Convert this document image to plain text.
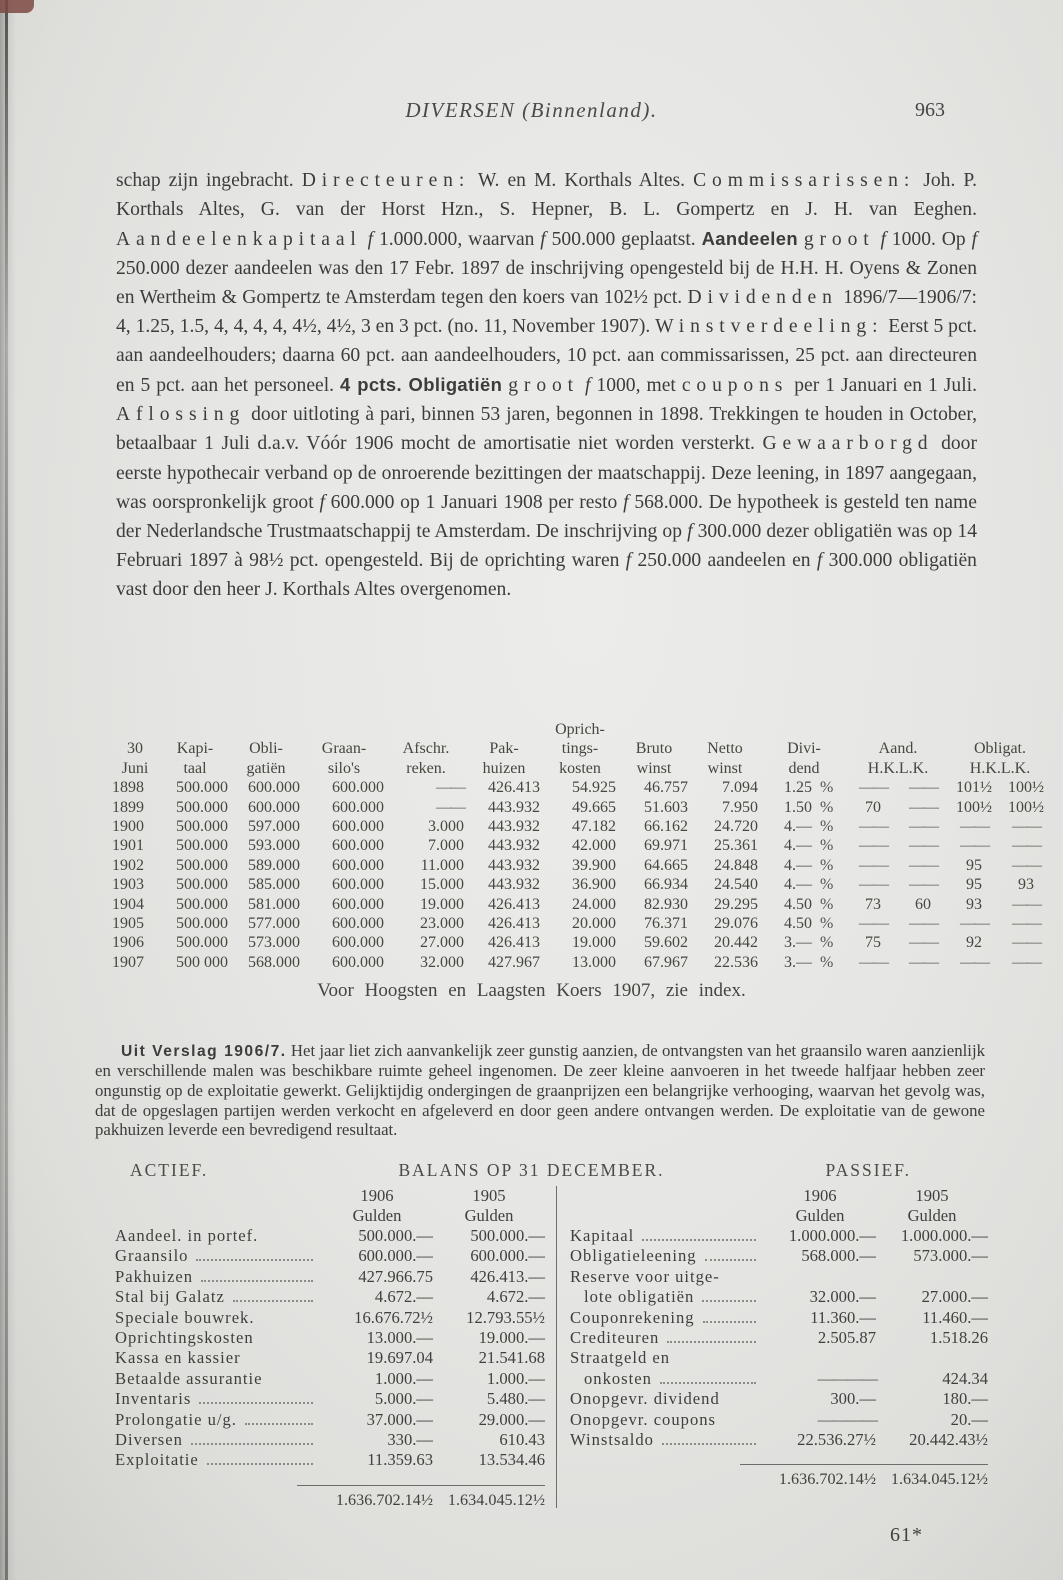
DIVERSEN (Binnenland).	963

schap zijn ingebracht. Directeuren: W. en M. Korthals Altes. Commissarissen: Joh. P. Korthals Altes, G. van der Horst Hzn., S. Hepner, B. L. Gompertz en J. H. van Eeghen. Aandeelenkapitaal f 1.000.000, waarvan f 500.000 geplaatst. Aandeelen groot f 1000. Op f 250.000 dezer aandeelen was den 17 Febr. 1897 de inschrijving opengesteld bij de H.H. H. Oyens & Zonen en Wertheim & Gompertz te Amsterdam tegen den koers van 102½ pct. Dividenden 1896/7—1906/7: 4, 1.25, 1.5, 4, 4, 4, 4, 4½, 4½, 3 en 3 pct. (no. 11, November 1907). Winstverdeeling: Eerst 5 pct. aan aandeelhouders; daarna 60 pct. aan aandeelhouders, 10 pct. aan commissarissen, 25 pct. aan directeuren en 5 pct. aan het personeel. 4 pcts. Obligatiën groot f 1000, met coupons per 1 Januari en 1 Juli. Aflossing door uitloting à pari, binnen 53 jaren, begonnen in 1898. Trekkingen te houden in October, betaalbaar 1 Juli d.a.v. Vóór 1906 mocht de amortisatie niet worden versterkt. Gewaarborgd door eerste hypothecair verband op de onroerende bezittingen der maatschappij. Deze leening, in 1897 aangegaan, was oorspronkelijk groot f 600.000 op 1 Januari 1908 per resto f 568.000. De hypotheek is gesteld ten name der Nederlandsche Trustmaatschappij te Amsterdam. De inschrijving op f 300.000 dezer obligatiën was op 14 Februari 1897 à 98½ pct. opengesteld. Bij de oprichting waren f 250.000 aandeelen en f 300.000 obligatiën vast door den heer J. Korthals Altes overgenomen.

						Oprich-								
30	Kapi-	Obli-	Graan-	Afschr.	Pak-	tings-	Bruto	Netto	Divi-		Aand.		Obligat.	
Juni	taal	gatiën	silo's	reken.	huizen	kosten	winst	winst	dend		H.K.L.K.		H.K.L.K.	
1898	500.000	600.000	600.000	——	426.413	54.925	46.757	7.094	1.25	%	——	——	101½	100½
1899	500.000	600.000	600.000	——	443.932	49.665	51.603	7.950	1.50	%	70	——	100½	100½
1900	500.000	597.000	600.000	3.000	443.932	47.182	66.162	24.720	4.—	%	——	——	——	——
1901	500.000	593.000	600.000	7.000	443.932	42.000	69.971	25.361	4.—	%	——	——	——	——
1902	500.000	589.000	600.000	11.000	443.932	39.900	64.665	24.848	4.—	%	——	——	95	——
1903	500.000	585.000	600.000	15.000	443.932	36.900	66.934	24.540	4.—	%	——	——	95	93
1904	500.000	581.000	600.000	19.000	426.413	24.000	82.930	29.295	4.50	%	73	60	93	——
1905	500.000	577.000	600.000	23.000	426.413	20.000	76.371	29.076	4.50	%	——	——	——	——
1906	500.000	573.000	600.000	27.000	426.413	19.000	59.602	20.442	3.—	%	75	——	92	——
1907	500 000	568.000	600.000	32.000	427.967	13.000	67.967	22.536	3.—	%	——	——	——	——
Voor Hoogsten en Laagsten Koers 1907, zie index.

Uit Verslag 1906/7. Het jaar liet zich aanvankelijk zeer gunstig aanzien, de ontvangsten van het graansilo waren aanzienlijk en verschillende malen was beschikbare ruimte geheel ingenomen. De zeer kleine aanvoeren in het tweede halfjaar hebben zeer ongunstig op de exploitatie gewerkt. Gelijktijdig ondergingen de graanprijzen een belangrijke verhooging, waarvan het gevolg was, dat de opgeslagen partijen werden verkocht en afgeleverd en door geen andere ontvangen werden. De exploitatie van de gewone pakhuizen leverde een bevredigend resultaat.

ACTIEF.	BALANS OP 31 DECEMBER.	PASSIEF.
1906	1905
Gulden	Gulden
Aandeel. in portef.	500.000.—	500.000.—
Graansilo	600.000.—	600.000.—
Pakhuizen	427.966.75	426.413.—
Stal bij Galatz	4.672.—	4.672.—
Speciale bouwrek.	16.676.72½	12.793.55½
Oprichtingskosten	13.000.—	19.000.—
Kassa en kassier	19.697.04	21.541.68
Betaalde assurantie	1.000.—	1.000.—
Inventaris	5.000.—	5.480.—
Prolongatie u/g.	37.000.—	29.000.—
Diversen	330.—	610.43
Exploitatie	11.359.63	13.534.46
1.636.702.14½ 1.634.045.12½
1906	1905
Gulden	Gulden
Kapitaal	1.000.000.—	1.000.000.—
Obligatieleening	568.000.—	573.000.—
Reserve voor uitge-
lote obligatiën	32.000.—	27.000.—
Couponrekening	11.360.—	11.460.—
Crediteuren	2.505.87	1.518.26
Straatgeld en
onkosten	————	424.34
Onopgevr. dividend	300.—	180.—
Onopgevr. coupons	————	20.—
Winstsaldo	22.536.27½	20.442.43½
1.636.702.14½ 1.634.045.12½
61*
